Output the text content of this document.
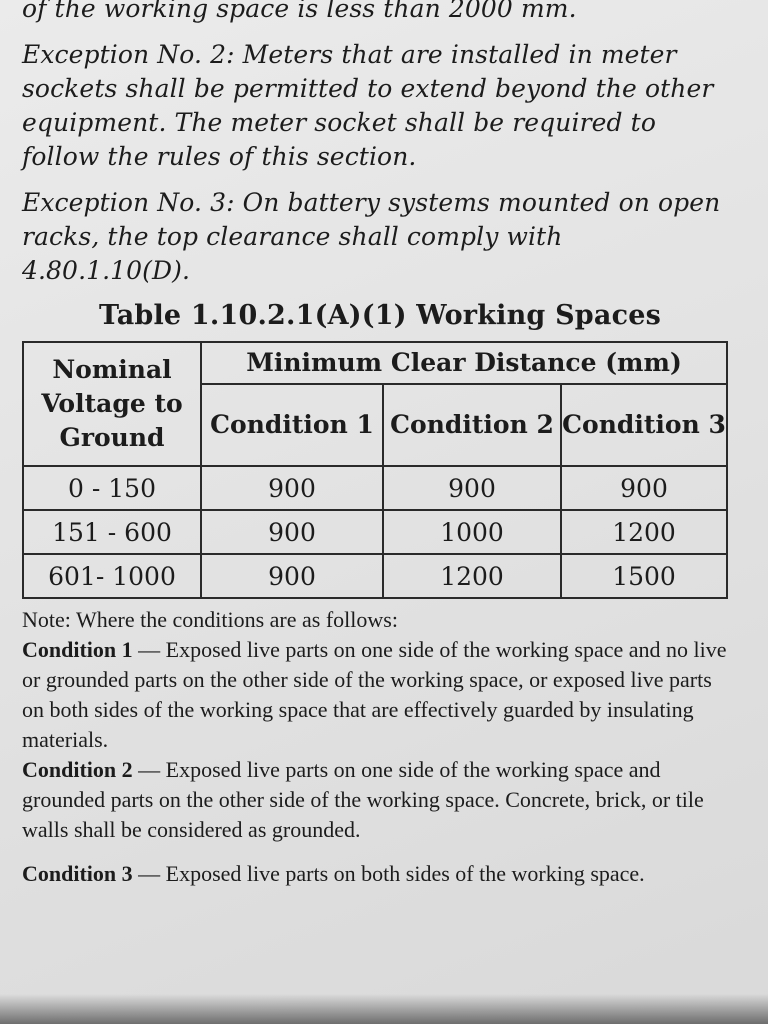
of the working space is less than 2000 mm.

Exception No. 2: Meters that are installed in meter sockets shall be permitted to extend beyond the other equipment. The meter socket shall be required to follow the rules of this section.

Exception No. 3: On battery systems mounted on open racks, the top clearance shall comply with 4.80.1.10(D).

Table 1.10.2.1(A)(1) Working Spaces
Nominal Voltage to Ground	Minimum Clear Distance (mm)		
	Condition 1	Condition 2	Condition 3
0 - 150	900	900	900
151 - 600	900	1000	1200
601- 1000	900	1200	1500

Note: Where the conditions are as follows:

Condition 1 — Exposed live parts on one side of the working space and no live or grounded parts on the other side of the working space, or exposed live parts on both sides of the working space that are effectively guarded by insulating materials.

Condition 2 — Exposed live parts on one side of the working space and grounded parts on the other side of the working space. Concrete, brick, or tile walls shall be considered as grounded.

Condition 3 — Exposed live parts on both sides of the working space.
